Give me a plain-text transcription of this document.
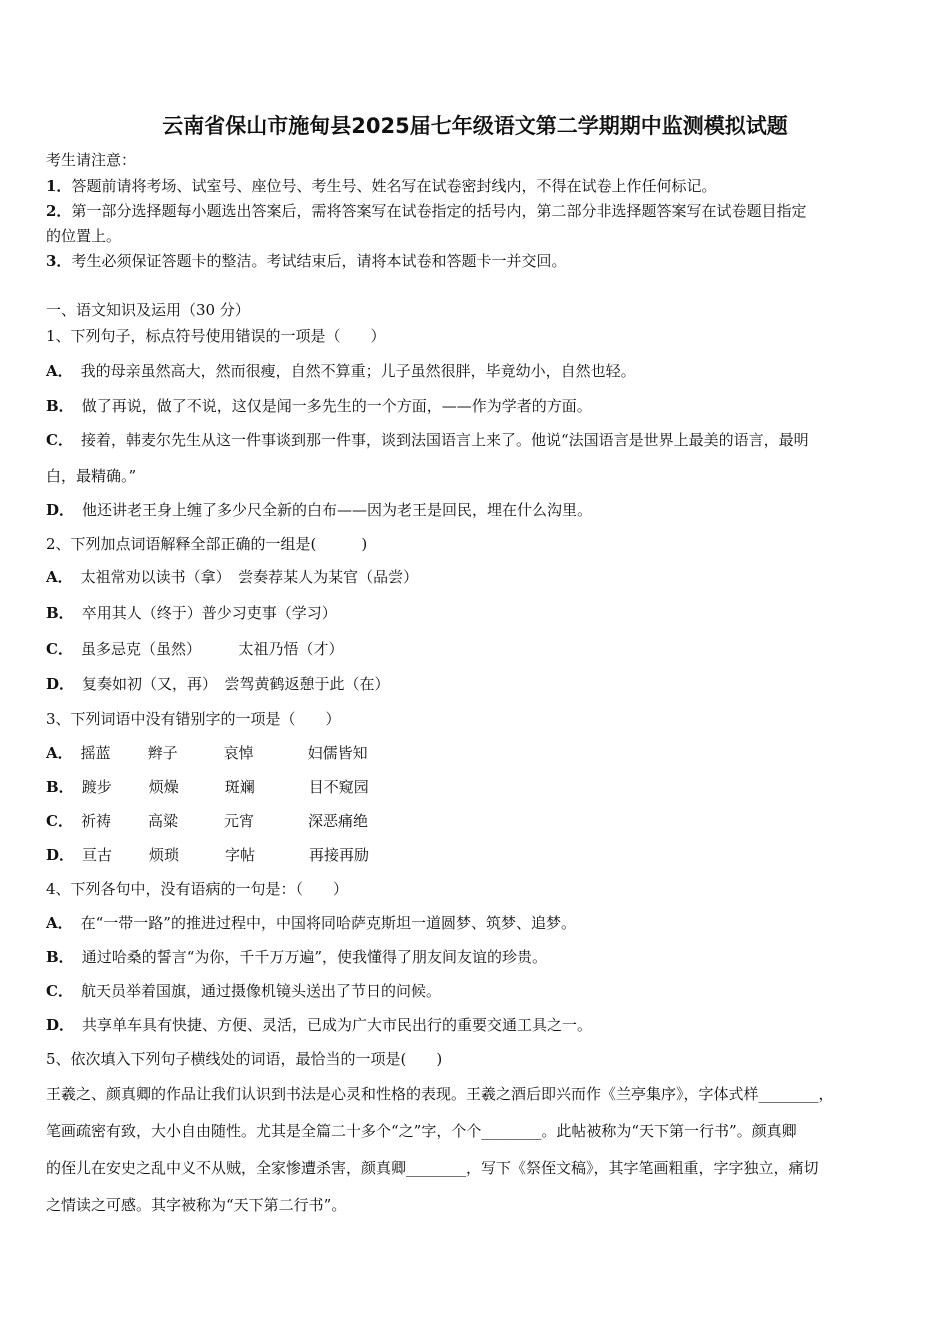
云南省保山市施甸县2025届七年级语文第二学期期中监测模拟试题
考生请注意：
1．答题前请将考场、试室号、座位号、考生号、姓名写在试卷密封线内，不得在试卷上作任何标记。
2．第一部分选择题每小题选出答案后，需将答案写在试卷指定的括号内，第二部分非选择题答案写在试卷题目指定
的位置上。
3．考生必须保证答题卡的整洁。考试结束后，请将本试卷和答题卡一并交回。
一、语文知识及运用（30 分）
1、下列句子，标点符号使用错误的一项是（　　）
A． 我的母亲虽然高大，然而很瘦，自然不算重；儿子虽然很胖，毕竟幼小，自然也轻。
B． 做了再说，做了不说，这仅是闻一多先生的一个方面，——作为学者的方面。
C． 接着，韩麦尔先生从这一件事谈到那一件事，谈到法国语言上来了。他说“法国语言是世界上最美的语言，最明
白，最精确。”
D． 他还讲老王身上缠了多少尺全新的白布——因为老王是回民，埋在什么沟里。
2、下列加点词语解释全部正确的一组是(　　　)
A． 太祖常劝以读书（拿）　尝奏荐某人为某官（品尝）
B． 卒用其人（终于）普少习吏事（学习）
C． 虽多忌克（虽然）　　　太祖乃悟（才）
D． 复奏如初（又，再）　尝驾黄鹤返憩于此（在）
3、下列词语中没有错别字的一项是（　　）
A． 摇蓝 辫子	哀悼	妇儒皆知
B． 踱步 烦燥	斑斓	目不窥园
C． 祈祷 高粱	元宵	深恶痛绝
D． 亘古 烦琐	字帖	再接再励
4、下列各句中，没有语病的一句是：（　　）
A． 在“一带一路”的推进过程中，中国将同哈萨克斯坦一道圆梦、筑梦、追梦。
B． 通过哈桑的誓言“为你，千千万万遍”，使我懂得了朋友间友谊的珍贵。
C． 航天员举着国旗，通过摄像机镜头送出了节日的问候。
D． 共享单车具有快捷、方便、灵活，已成为广大市民出行的重要交通工具之一。
5、依次填入下列句子横线处的词语，最恰当的一项是(　　)
王羲之、颜真卿的作品让我们认识到书法是心灵和性格的表现。王羲之酒后即兴而作《兰亭集序》，字体式样________，
笔画疏密有致，大小自由随性。尤其是全篇二十多个“之”字，个个________。此帖被称为“天下第一行书”。颜真卿
的侄儿在安史之乱中义不从贼，全家惨遭杀害，颜真卿________，写下《祭侄文稿》，其字笔画粗重，字字独立，痛切
之情读之可感。其字被称为“天下第二行书”。
